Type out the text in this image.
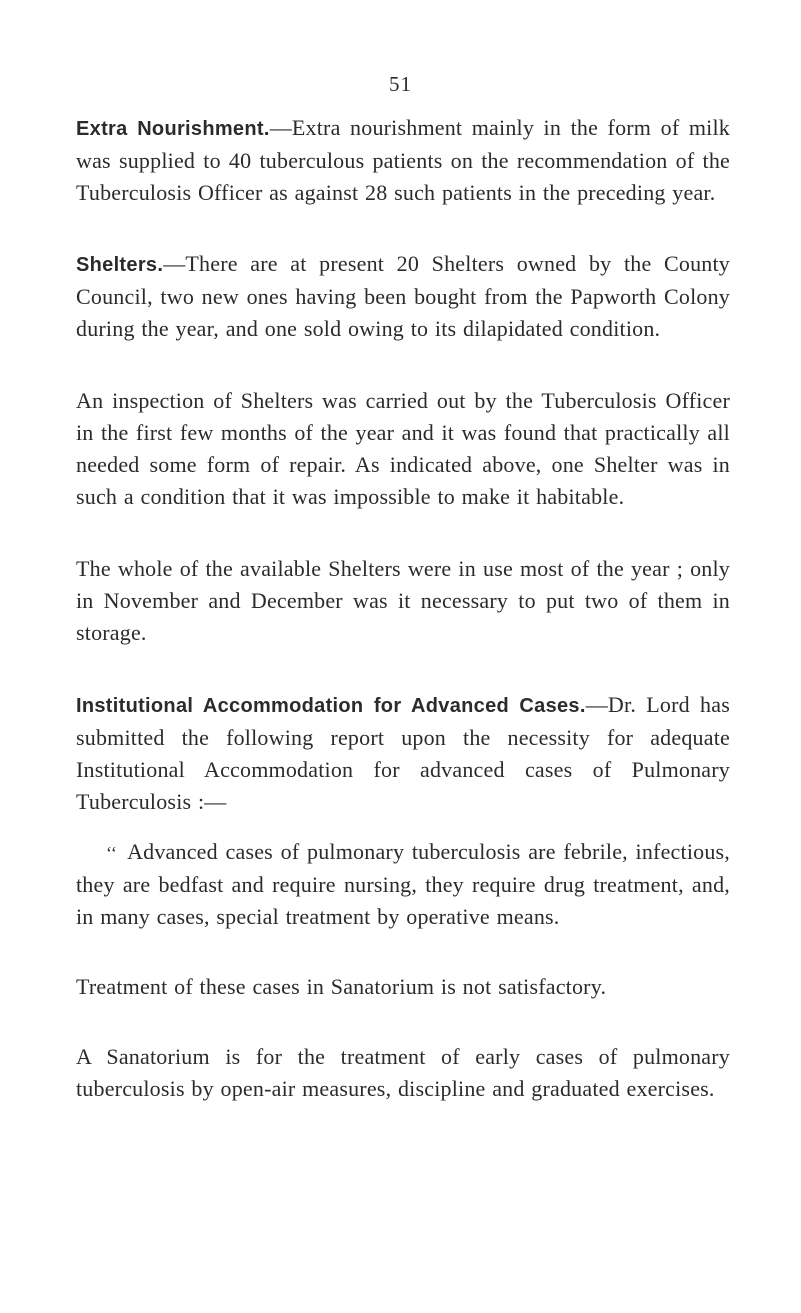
51

Extra Nourishment.—Extra nourishment mainly in the form of milk was supplied to 40 tuberculous patients on the recommendation of the Tuberculosis Officer as against 28 such patients in the preceding year.

Shelters.—There are at present 20 Shelters owned by the County Council, two new ones having been bought from the Papworth Colony during the year, and one sold owing to its dilapidated condition.

An inspection of Shelters was carried out by the Tuberculosis Officer in the first few months of the year and it was found that practically all needed some form of repair. As indicated above, one Shelter was in such a condition that it was impossible to make it habitable.

The whole of the available Shelters were in use most of the year ; only in November and December was it necessary to put two of them in storage.

Institutional Accommodation for Advanced Cases.—Dr. Lord has submitted the following report upon the necessity for adequate Institutional Accommodation for advanced cases of Pulmonary Tuberculosis :—

‘‘ Advanced cases of pulmonary tuberculosis are febrile, infectious, they are bedfast and require nursing, they require drug treatment, and, in many cases, special treatment by operative means.

Treatment of these cases in Sanatorium is not satisfactory.

A Sanatorium is for the treatment of early cases of pulmonary tuberculosis by open-air measures, discipline and graduated exercises.
